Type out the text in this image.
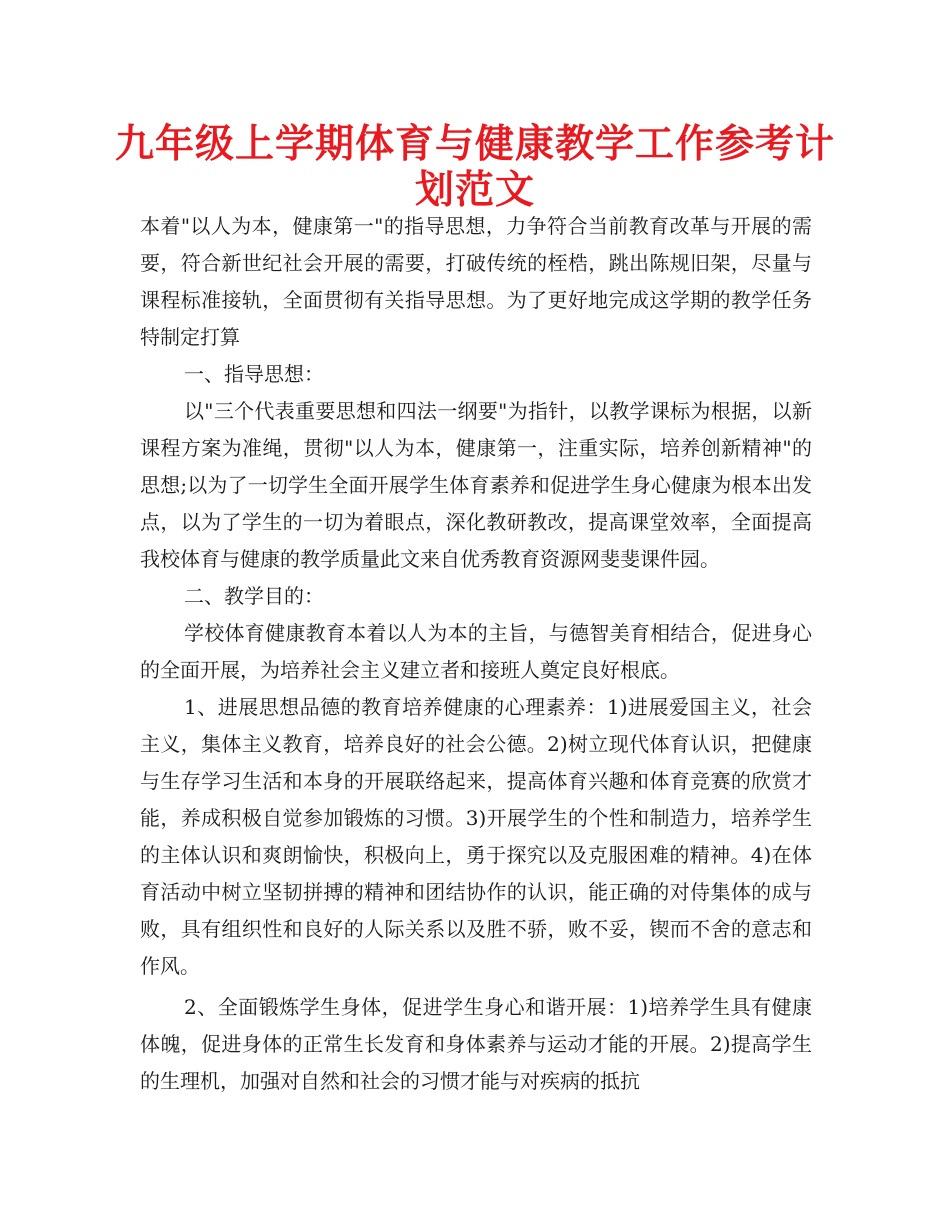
九年级上学期体育与健康教学工作参考计
划范文

本着"以人为本，健康第一"的指导思想，力争符合当前教育改革与开展的需要，符合新世纪社会开展的需要，打破传统的桎梏，跳出陈规旧架，尽量与课程标准接轨，全面贯彻有关指导思想。为了更好地完成这学期的教学任务特制定打算

一、指导思想：

以"三个代表重要思想和四法一纲要"为指针，以教学课标为根据，以新课程方案为准绳，贯彻"以人为本，健康第一，注重实际，培养创新精神"的思想;以为了一切学生全面开展学生体育素养和促进学生身心健康为根本出发点，以为了学生的一切为着眼点，深化教研教改，提高课堂效率，全面提高我校体育与健康的教学质量此文来自优秀教育资源网斐斐课件园。

二、教学目的：

学校体育健康教育本着以人为本的主旨，与德智美育相结合，促进身心的全面开展，为培养社会主义建立者和接班人奠定良好根底。

1、进展思想品德的教育培养健康的心理素养：1)进展爱国主义，社会主义，集体主义教育，培养良好的社会公德。2)树立现代体育认识，把健康与生存学习生活和本身的开展联络起来，提高体育兴趣和体育竞赛的欣赏才能，养成积极自觉参加锻炼的习惯。3)开展学生的个性和制造力，培养学生的主体认识和爽朗愉快，积极向上，勇于探究以及克服困难的精神。4)在体育活动中树立坚韧拼搏的精神和团结协作的认识，能正确的对侍集体的成与败，具有组织性和良好的人际关系以及胜不骄，败不妥，锲而不舍的意志和作风。

2、全面锻炼学生身体，促进学生身心和谐开展：1)培养学生具有健康体魄，促进身体的正常生长发育和身体素养与运动才能的开展。2)提高学生的生理机，加强对自然和社会的习惯才能与对疾病的抵抗
